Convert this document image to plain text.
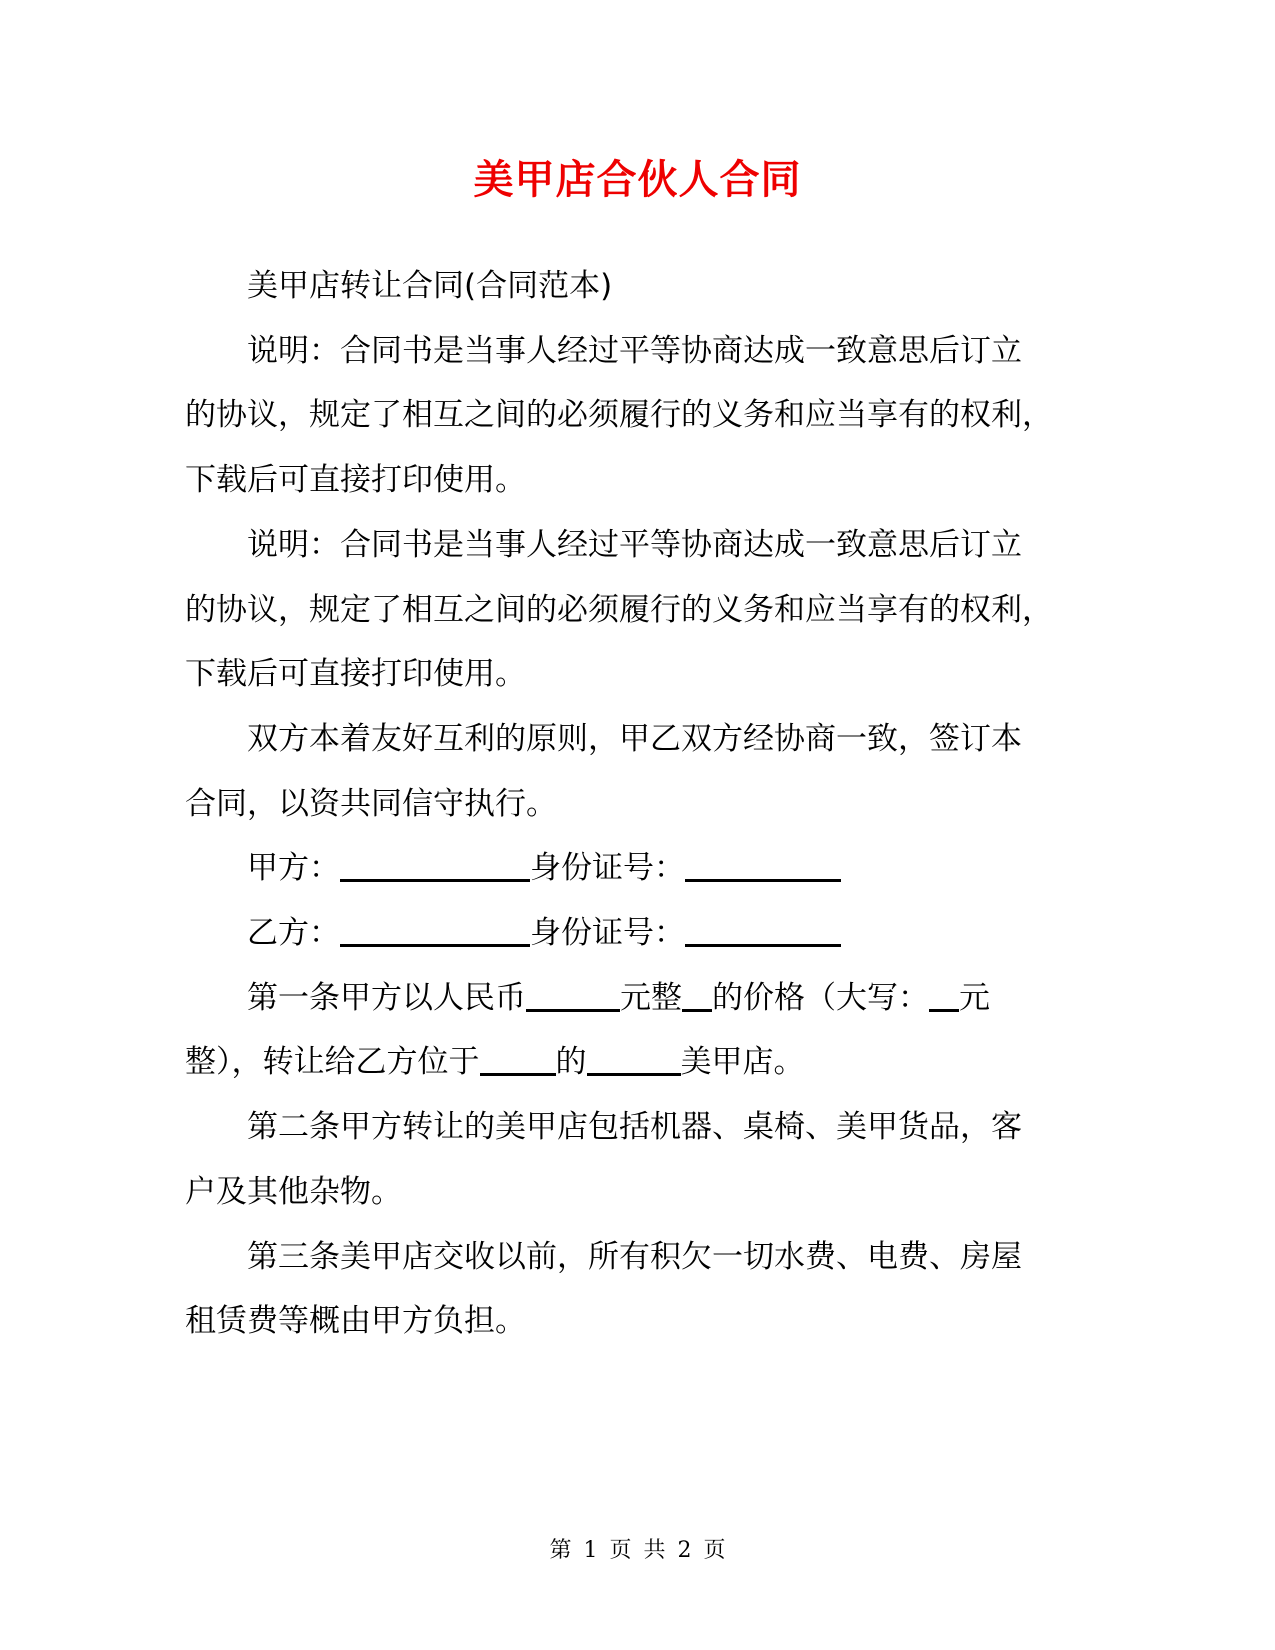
美甲店合伙人合同

美甲店转让合同(合同范本)

说明：合同书是当事人经过平等协商达成一致意思后订立
的协议，规定了相互之间的必须履行的义务和应当享有的权利，
下载后可直接打印使用。

说明：合同书是当事人经过平等协商达成一致意思后订立
的协议，规定了相互之间的必须履行的义务和应当享有的权利，
下载后可直接打印使用。

双方本着友好互利的原则，甲乙双方经协商一致，签订本
合同，以资共同信守执行。

甲方：	身份证号：

乙方：	身份证号：

第一条甲方以人民币	元整 的价格（大写： 元
整），转让给乙方位于 的	美甲店。

第二条甲方转让的美甲店包括机器、桌椅、美甲货品，客
户及其他杂物。

第三条美甲店交收以前，所有积欠一切水费、电费、房屋
租赁费等概由甲方负担。

第 1 页 共 2 页
